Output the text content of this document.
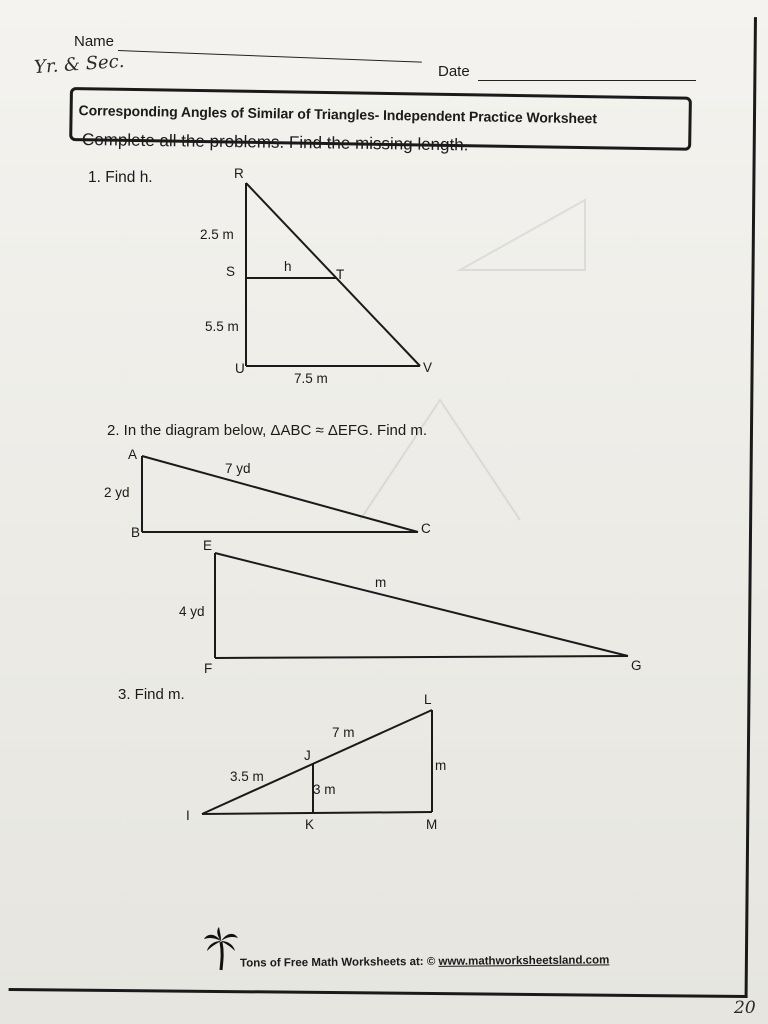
Name
Yr. & Sec.	Date
Corresponding Angles of Similar of Triangles- Independent Practice Worksheet
Complete all the problems. Find the missing length.
1. Find h.	R
2.5 m
S	h
T
5.5 m
U
7.5 m
V
2. In the diagram below, ΔABC ≈ ΔEFG. Find m.
A
7 yd
2 yd
B	C
E
m
4 yd
F	G
3. Find m.	L
7 m
J
m
3.5 m
3 m
I
K	M
Tons of Free Math Worksheets at: © www.mathworksheetsland.com
20
